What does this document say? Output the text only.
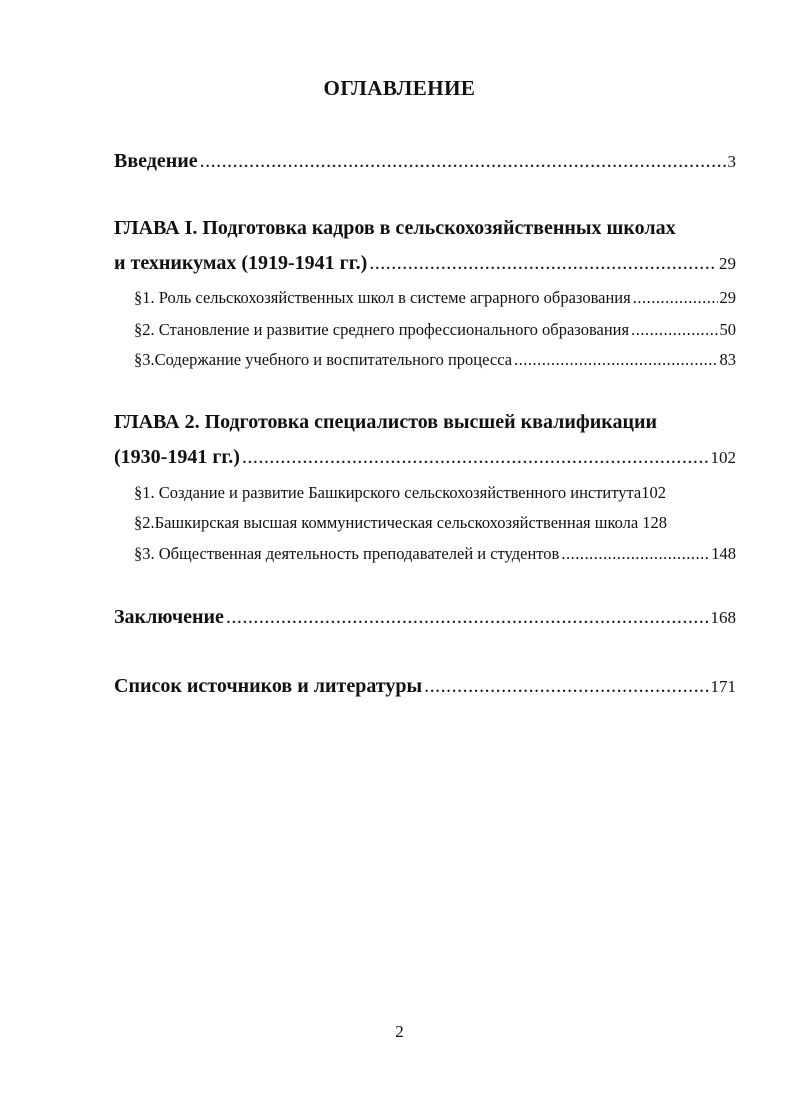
ОГЛАВЛЕНИЕ
Введение .....	3
ГЛАВА I. Подготовка кадров в сельскохозяйственных школах
и техникумах (1919-1941 гг.) .....	29
§1. Роль сельскохозяйственных школ в системе аграрного образования .....	29
§2. Становление и развитие среднего профессионального образования .....	50
§3.Содержание учебного и воспитательного процесса .....	83
ГЛАВА 2. Подготовка специалистов высшей квалификации
(1930-1941 гг.) .....	102
§1. Создание и развитие Башкирского сельскохозяйственного института 102
§2.Башкирская высшая коммунистическая сельскохозяйственная школа 128
§3. Общественная деятельность преподавателей и студентов .....	148
Заключение .....	168
Список источников и литературы .....	171
2
